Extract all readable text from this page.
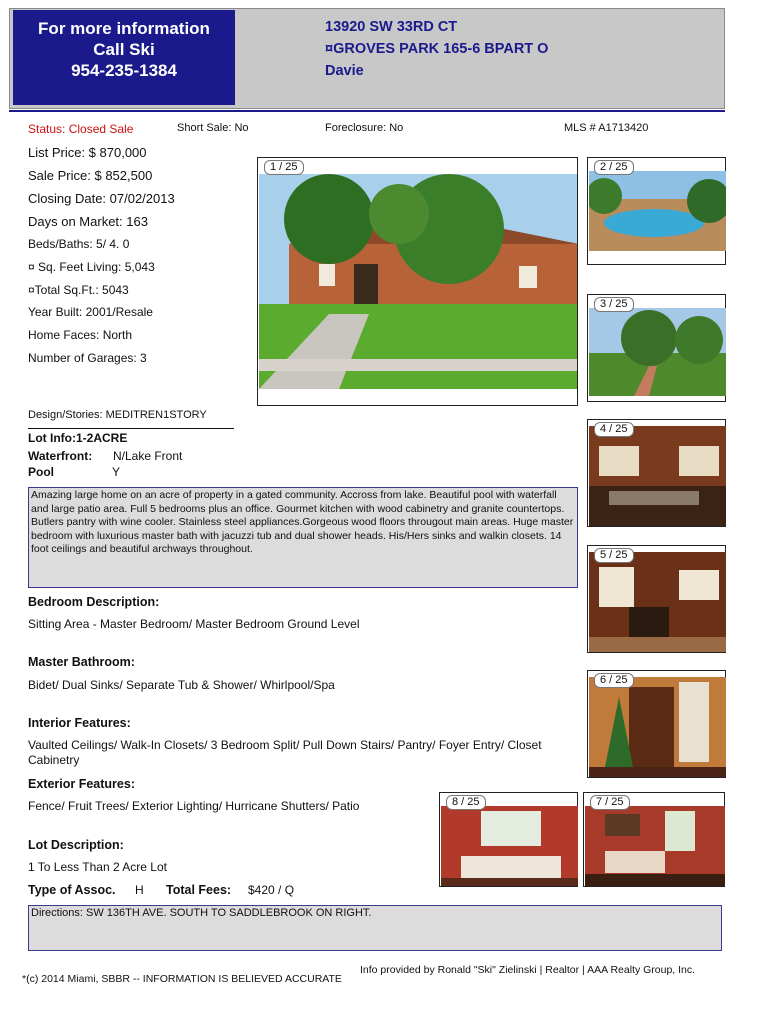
For more information
Call Ski
954-235-1384
13920 SW 33RD CT
¤GROVES PARK 165-6 BPART O
Davie
Status: Closed Sale	Short Sale: No	Foreclosure: No	MLS # A1713420
List Price: $ 870,000
Sale Price: $ 852,500
Closing Date: 07/02/2013
Days on Market: 163
Beds/Baths: 5/ 4. 0
¤ Sq. Feet Living: 5,043
¤Total Sq.Ft.: 5043
Year Built: 2001/Resale
Home Faces: North
Number of Garages: 3
Design/Stories: MEDITREN1STORY
Lot Info:1-2ACRE
Waterfront: N/Lake Front
Pool	Y
Amazing large home on an acre of property in a gated community. Accross from lake. Beautiful pool with waterfall and large patio area. Full 5 bedrooms plus an office. Gourmet kitchen with wood cabinetry and granite countertops. Butlers pantry with wine cooler. Stainless steel appliances.Gorgeous wood floors througout main areas. Huge master bedroom with luxurious master bath with jacuzzi tub and dual shower heads. His/Hers sinks and walkin closets. 14 foot ceilings and beautiful archways throughout.
Bedroom Description:
Sitting Area - Master Bedroom/ Master Bedroom Ground Level
Master Bathroom:
Bidet/ Dual Sinks/ Separate Tub & Shower/ Whirlpool/Spa
Interior Features:
Vaulted Ceilings/ Walk-In Closets/ 3 Bedroom Split/ Pull Down Stairs/ Pantry/ Foyer Entry/ Closet Cabinetry
Exterior Features:
Fence/ Fruit Trees/ Exterior Lighting/ Hurricane Shutters/ Patio
Lot Description:
1 To Less Than 2 Acre Lot
Type of Assoc. H Total Fees: $420 / Q
Directions: SW 136TH AVE. SOUTH TO SADDLEBROOK ON RIGHT.
*(c) 2014 Miami, SBBR -- INFORMATION IS BELIEVED ACCURATE
Info provided by Ronald "Ski" Zielinski | Realtor | AAA Realty Group, Inc.
1 / 25	2 / 25
3 / 25
4 / 25
5 / 25
6 / 25
7 / 25
8 / 25
